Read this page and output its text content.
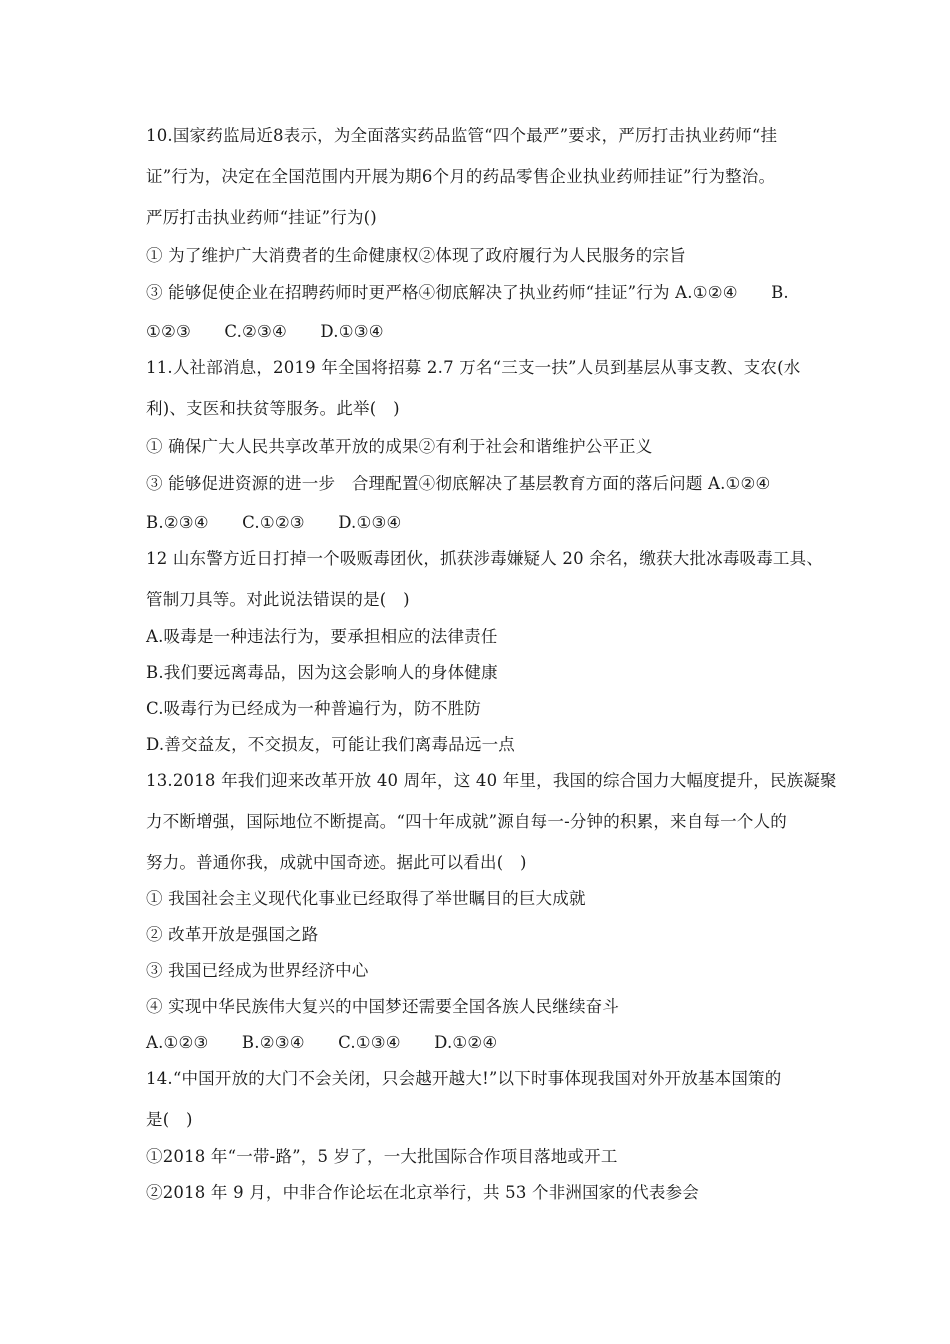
10.国家药监局近8表示，为全面落实药品监管“四个最严”要求，严厉打击执业药师“挂
证”行为，决定在全国范围内开展为期6个月的药品零售企业执业药师挂证”行为整治。
严厉打击执业药师“挂证”行为()
① 为了维护广大消费者的生命健康权②体现了政府履行为人民服务的宗旨
③ 能够促使企业在招聘药师时更严格④彻底解决了执业药师“挂证”行为 A.①②④　　B.
①②③　　C.②③④　　D.①③④
11.人社部消息，2019 年全国将招募 2.7 万名“三支一扶”人员到基层从事支教、支农(水
利)、支医和扶贫等服务。此举(　)
① 确保广大人民共享改革开放的成果②有利于社会和谐维护公平正义
③ 能够促进资源的进一步　合理配置④彻底解决了基层教育方面的落后问题 A.①②④
B.②③④　　C.①②③　　D.①③④
12 山东警方近日打掉一个吸贩毒团伙，抓获涉毒嫌疑人 20 余名，缴获大批冰毒吸毒工具、
管制刀具等。对此说法错误的是(　)
A.吸毒是一种违法行为，要承担相应的法律责任
B.我们要远离毒品，因为这会影响人的身体健康
C.吸毒行为已经成为一种普遍行为，防不胜防
D.善交益友，不交损友，可能让我们离毒品远一点
13.2018 年我们迎来改革开放 40 周年，这 40 年里，我国的综合国力大幅度提升，民族凝聚
力不断增强，国际地位不断提高。“四十年成就”源自每一-分钟的积累，来自每一个人的
努力。普通你我，成就中国奇迹。据此可以看出(　)
① 我国社会主义现代化事业已经取得了举世瞩目的巨大成就
② 改革开放是强国之路
③ 我国已经成为世界经济中心
④ 实现中华民族伟大复兴的中国梦还需要全国各族人民继续奋斗
A.①②③　　B.②③④　　C.①③④　　D.①②④
14.“中国开放的大门不会关闭，只会越开越大!”以下时事体现我国对外开放基本国策的
是(　)
①2018 年“一带-路”，5 岁了，一大批国际合作项目落地或开工
②2018 年 9 月，中非合作论坛在北京举行，共 53 个非洲国家的代表参会
